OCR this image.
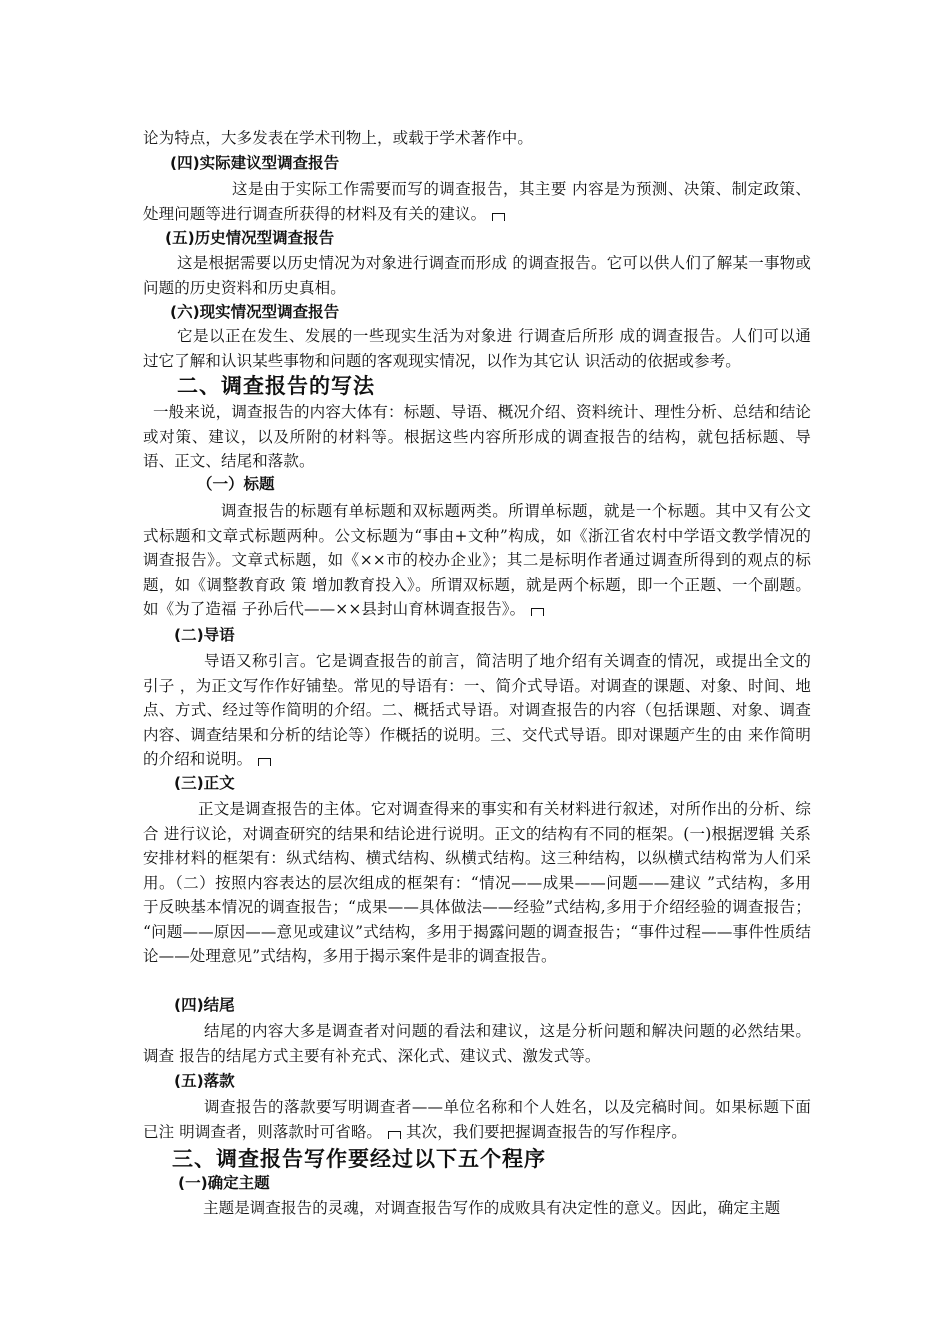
论为特点，大多发表在学术刊物上，或载于学术著作中。

(四)实际建议型调查报告

这是由于实际工作需要而写的调查报告，其主要 内容是为预测、决策、制定政策、处理问题等进行调查所获得的材料及有关的建议。

(五)历史情况型调查报告

这是根据需要以历史情况为对象进行调查而形成 的调查报告。它可以供人们了解某一事物或问题的历史资料和历史真相。

(六)现实情况型调查报告

它是以正在发生、发展的一些现实生活为对象进 行调查后所形 成的调查报告。人们可以通过它了解和认识某些事物和问题的客观现实情况，以作为其它认 识活动的依据或参考。

二、调查报告的写法

一般来说，调查报告的内容大体有：标题、导语、概况介绍、资料统计、理性分析、总结和结论或对策、建议，以及所附的材料等。根据这些内容所形成的调查报告的结构，就包括标题、导语、正文、结尾和落款。

（一）标题

调查报告的标题有单标题和双标题两类。所谓单标题，就是一个标题。其中又有公文式标题和文章式标题两种。公文标题为“事由+文种”构成，如《浙江省农村中学语文教学情况的调查报告》。文章式标题，如《××市的校办企业》；其二是标明作者通过调查所得到的观点的标题，如《调整教育政 策 增加教育投入》。所谓双标题，就是两个标题，即一个正题、一个副题。如《为了造福 子孙后代——××县封山育林调查报告》。

(二)导语

导语又称引言。它是调查报告的前言，简洁明了地介绍有关调查的情况，或提出全文的引子 ，为正文写作作好铺垫。常见的导语有：一、简介式导语。对调查的课题、对象、时间、地 点、方式、经过等作简明的介绍。二、概括式导语。对调查报告的内容（包括课题、对象、调查内容、调查结果和分析的结论等）作概括的说明。三、交代式导语。即对课题产生的由 来作简明的介绍和说明。

(三)正文

正文是调查报告的主体。它对调查得来的事实和有关材料进行叙述，对所作出的分析、综合 进行议论，对调查研究的结果和结论进行说明。正文的结构有不同的框架。(一)根据逻辑 关系安排材料的框架有：纵式结构、横式结构、纵横式结构。这三种结构，以纵横式结构常为人们采用。（二）按照内容表达的层次组成的框架有：“情况——成果——问题——建议 ”式结构，多用于反映基本情况的调查报告；“成果——具体做法——经验”式结构,多用于介绍经验的调查报告； “问题——原因——意见或建议”式结构，多用于揭露问题的调查报告；“事件过程——事件性质结论——处理意见”式结构，多用于揭示案件是非的调查报告。

(四)结尾

结尾的内容大多是调查者对问题的看法和建议，这是分析问题和解决问题的必然结果。调查 报告的结尾方式主要有补充式、深化式、建议式、激发式等。

(五)落款

调查报告的落款要写明调查者——单位名称和个人姓名，以及完稿时间。如果标题下面已注 明调查者，则落款时可省略。 其次，我们要把握调查报告的写作程序。

三、调查报告写作要经过以下五个程序
(一)确定主题

主题是调查报告的灵魂，对调查报告写作的成败具有决定性的意义。因此，确定主题
